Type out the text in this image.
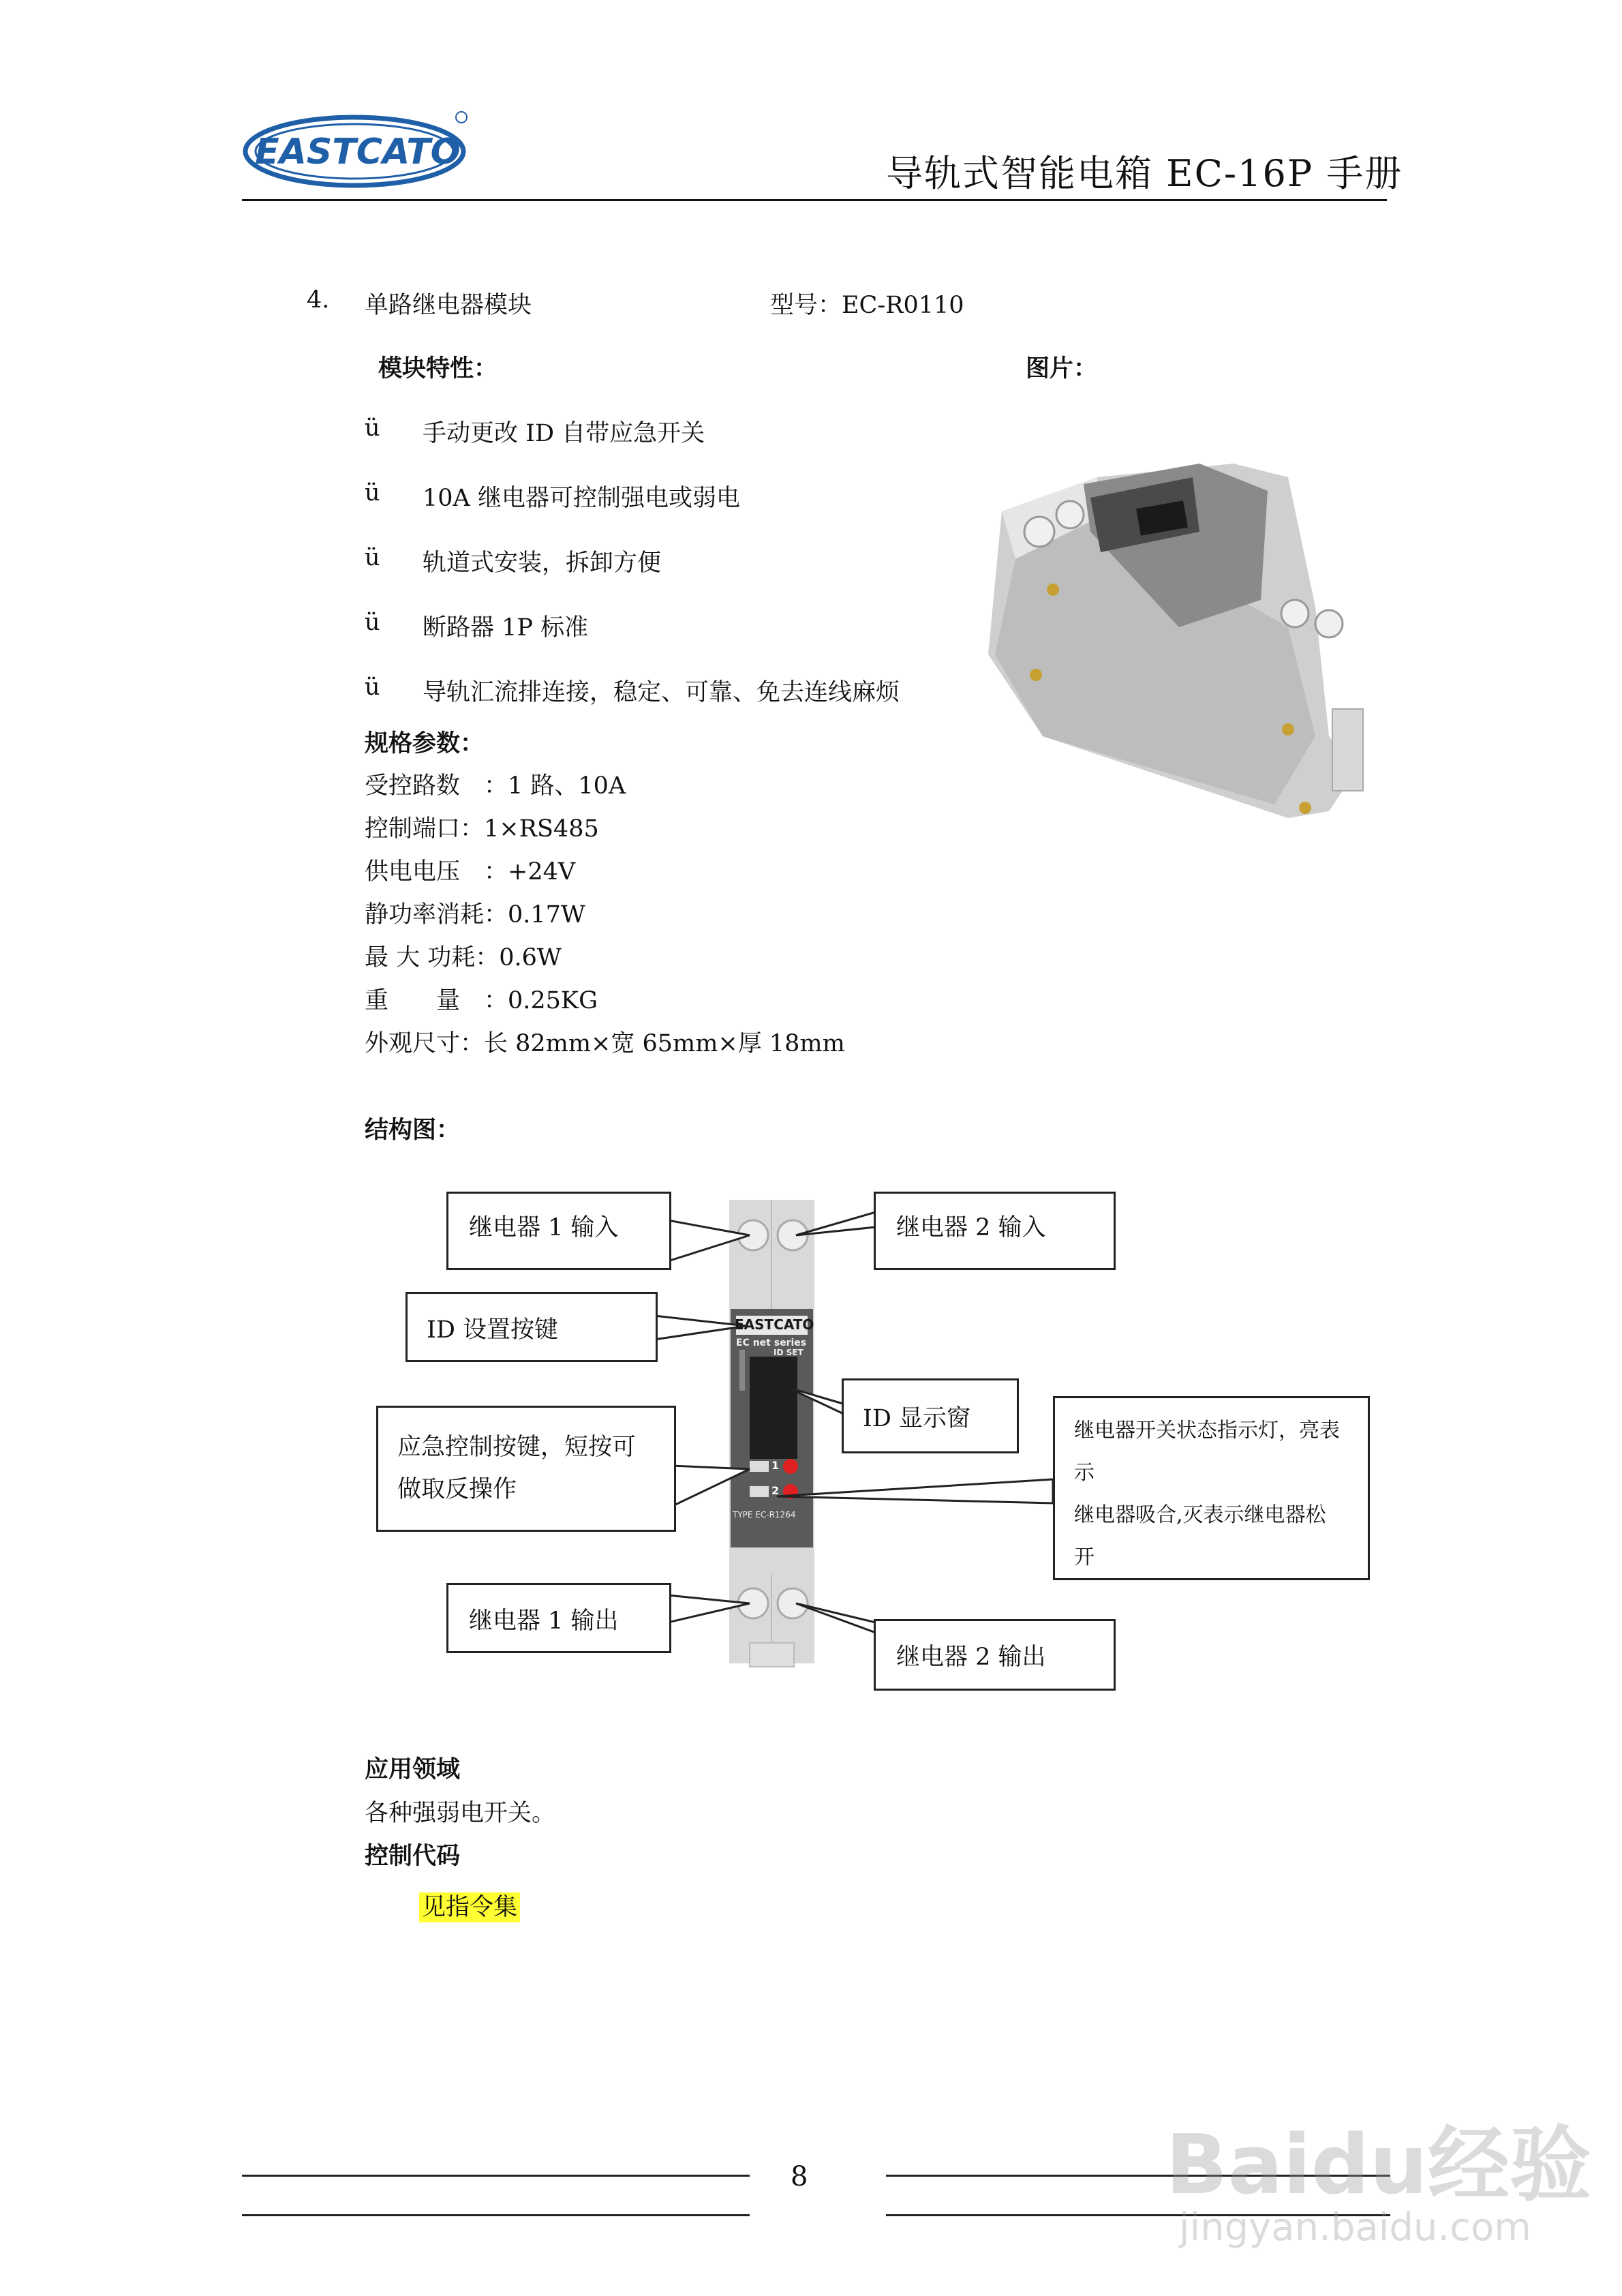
EASTCATO	导轨式智能电箱 EC-16P 手册
4. 单路继电器模块	型号：EC-R0110
模块特性：	图片：
ü 手动更改 ID 自带应急开关
ü 10A 继电器可控制强电或弱电
ü 轨道式安装，拆卸方便
ü 断路器 1P 标准
ü 导轨汇流排连接，稳定、可靠、免去连线麻烦
规格参数：
受控路数　：1 路、10A
控制端口：1×RS485
供电电压　：+24V
静功率消耗：0.17W
最 大 功耗：0.6W
重　　量　：0.25KG
外观尺寸：长 82mm×宽 65mm×厚 18mm
结构图：
EASTCATO
EC net series
ID SET
1
2
TYPE EC-R1264
继电器 1 输入	继电器 2 输入
ID 设置按键
ID 显示窗	继电器开关状态指示灯，亮表
示
继电器吸合,灭表示继电器松
开
应急控制按键，短按可
做取反操作
继电器 1 输出
继电器 2 输出
应用领域
各种强弱电开关。
控制代码
见指令集
8	Baidu经验
jingyan.baidu.com
